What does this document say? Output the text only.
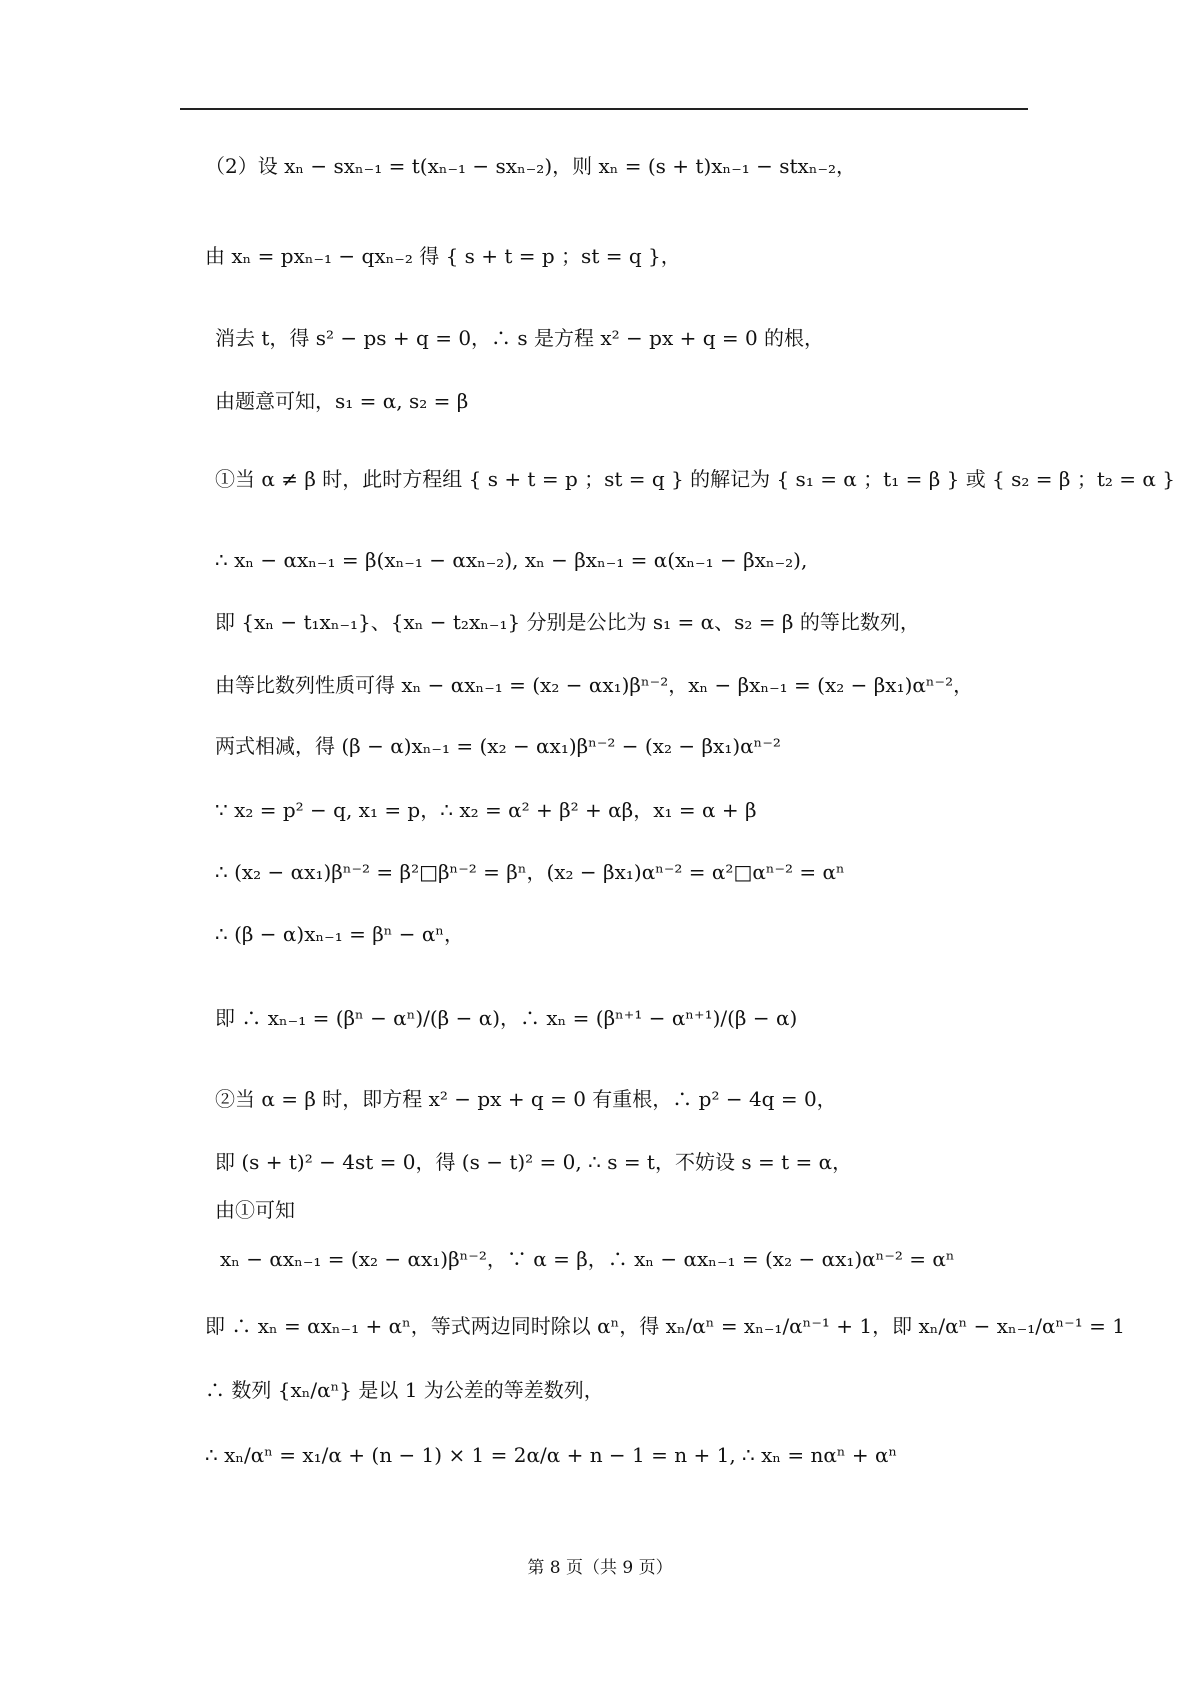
（2）设 xₙ − sxₙ₋₁ = t(xₙ₋₁ − sxₙ₋₂)，则 xₙ = (s + t)xₙ₋₁ − stxₙ₋₂，
由 xₙ = pxₙ₋₁ − qxₙ₋₂ 得 { s + t = p ；st = q }，
消去 t，得 s² − ps + q = 0，∴ s 是方程 x² − px + q = 0 的根，
由题意可知，s₁ = α, s₂ = β
①当 α ≠ β 时，此时方程组 { s + t = p ；st = q } 的解记为 { s₁ = α ；t₁ = β } 或 { s₂ = β ；t₂ = α }
∴ xₙ − αxₙ₋₁ = β(xₙ₋₁ − αxₙ₋₂), xₙ − βxₙ₋₁ = α(xₙ₋₁ − βxₙ₋₂),
即 {xₙ − t₁xₙ₋₁}、{xₙ − t₂xₙ₋₁} 分别是公比为 s₁ = α、s₂ = β 的等比数列，
由等比数列性质可得 xₙ − αxₙ₋₁ = (x₂ − αx₁)βⁿ⁻²，xₙ − βxₙ₋₁ = (x₂ − βx₁)αⁿ⁻²，
两式相减，得 (β − α)xₙ₋₁ = (x₂ − αx₁)βⁿ⁻² − (x₂ − βx₁)αⁿ⁻²
∵ x₂ = p² − q, x₁ = p，∴ x₂ = α² + β² + αβ，x₁ = α + β
∴ (x₂ − αx₁)βⁿ⁻² = β²□βⁿ⁻² = βⁿ，(x₂ − βx₁)αⁿ⁻² = α²□αⁿ⁻² = αⁿ
∴ (β − α)xₙ₋₁ = βⁿ − αⁿ，
即 ∴ xₙ₋₁ = (βⁿ − αⁿ)/(β − α)，∴ xₙ = (βⁿ⁺¹ − αⁿ⁺¹)/(β − α)
②当 α = β 时，即方程 x² − px + q = 0 有重根，∴ p² − 4q = 0，
即 (s + t)² − 4st = 0，得 (s − t)² = 0, ∴ s = t，不妨设 s = t = α，
由①可知
xₙ − αxₙ₋₁ = (x₂ − αx₁)βⁿ⁻²，∵ α = β，∴ xₙ − αxₙ₋₁ = (x₂ − αx₁)αⁿ⁻² = αⁿ
即 ∴ xₙ = αxₙ₋₁ + αⁿ，等式两边同时除以 αⁿ，得 xₙ/αⁿ = xₙ₋₁/αⁿ⁻¹ + 1，即 xₙ/αⁿ − xₙ₋₁/αⁿ⁻¹ = 1
∴ 数列 {xₙ/αⁿ} 是以 1 为公差的等差数列，
∴ xₙ/αⁿ = x₁/α + (n − 1) × 1 = 2α/α + n − 1 = n + 1, ∴ xₙ = nαⁿ + αⁿ
第 8 页（共 9 页）
